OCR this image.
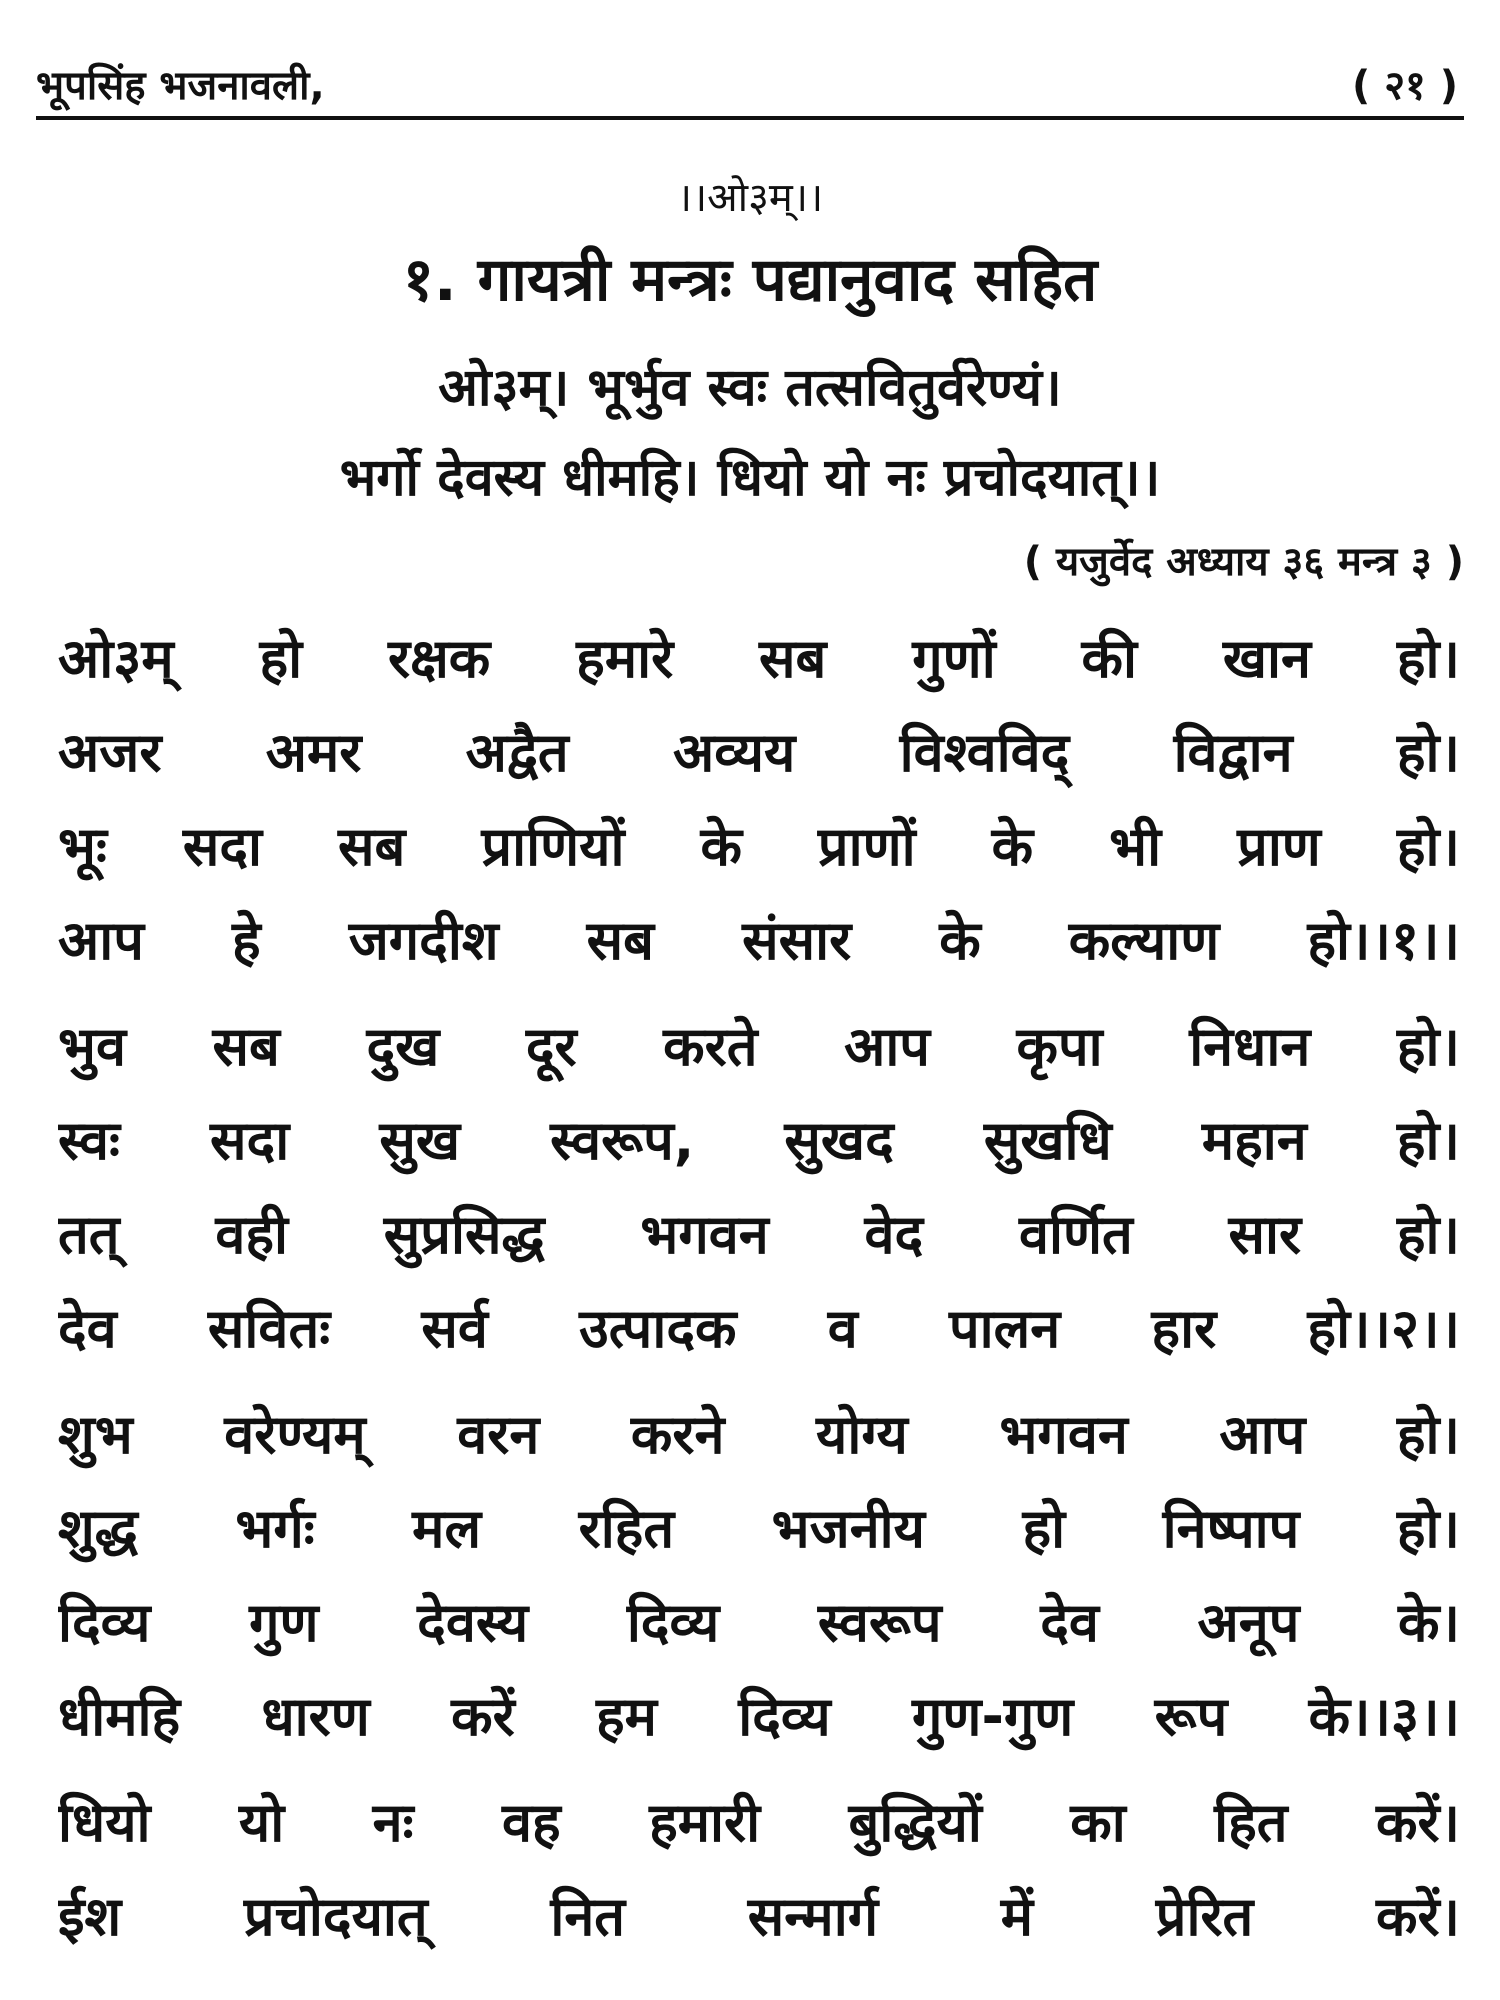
भूपसिंह भजनावली,	( २१ )
।।ओ३म्।।
१. गायत्री मन्त्रः पद्यानुवाद सहित
ओ३म्। भूर्भुव स्वः तत्सवितुर्वरेण्यं।
भर्गो देवस्य धीमहि। धियो यो नः प्रचोदयात्।।
( यजुर्वेद अध्याय ३६ मन्त्र ३ )
ओ३म् हो रक्षक हमारे सब गुणों की खान हो।
अजर अमर अद्वैत अव्यय विश्वविद् विद्वान हो।
भूः सदा सब प्राणियों के प्राणों के भी प्राण हो।
आप हे जगदीश सब संसार के कल्याण हो।।१।।
भुव सब दुख दूर करते आप कृपा निधान हो।
स्वः सदा सुख स्वरूप, सुखद सुखधि महान हो।
तत् वही सुप्रसिद्ध भगवन वेद वर्णित सार हो।
देव सवितः सर्व उत्पादक व पालन हार हो।।२।।
शुभ वरेण्यम् वरन करने योग्य भगवन आप हो।
शुद्ध भर्गः मल रहित भजनीय हो निष्पाप हो।
दिव्य गुण देवस्य दिव्य स्वरूप देव अनूप के।
धीमहि धारण करें हम दिव्य गुण-गुण रूप के।।३।।
धियो यो नः वह हमारी बुद्धियों का हित करें।
ईश प्रचोदयात् नित सन्मार्ग में प्रेरित करें।
